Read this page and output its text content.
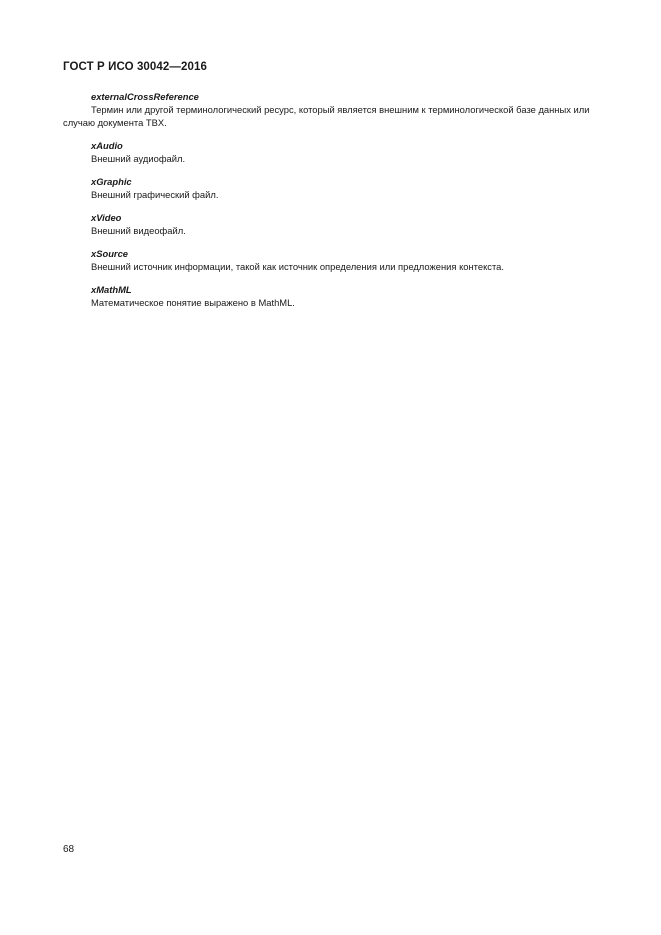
ГОСТ Р ИСО 30042—2016
externalCrossReference

Термин или другой терминологический ресурс, который является внешним к терминологической базе данных или случаю документа TBX.

xAudio

Внешний аудиофайл.

xGraphic

Внешний графический файл.

xVideo

Внешний видеофайл.

xSource

Внешний источник информации, такой как источник определения или предложения контекста.

xMathML

Математическое понятие выражено в MathML.

68
